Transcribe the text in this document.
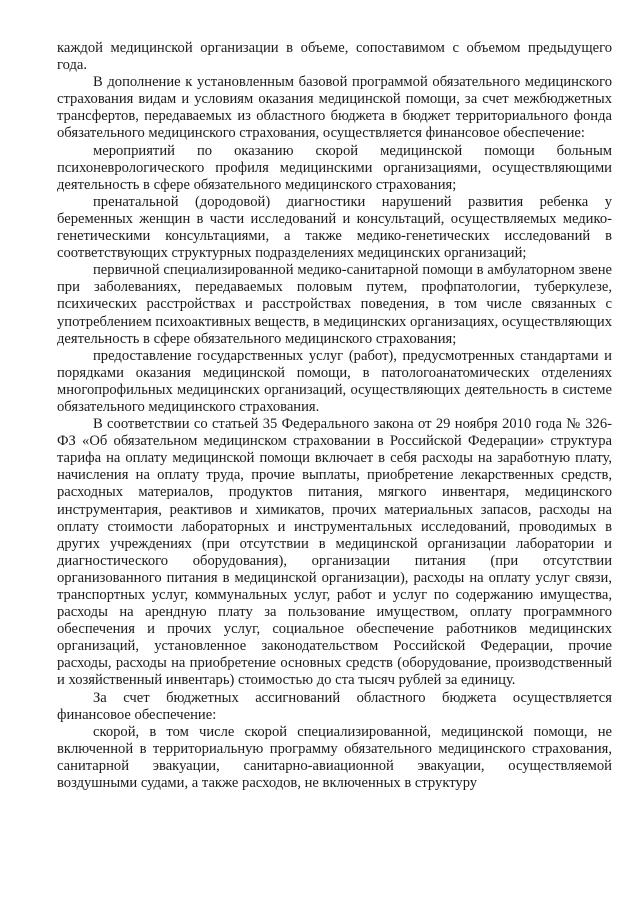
каждой медицинской организации в объеме, сопоставимом с объемом предыдущего года.

В дополнение к установленным базовой программой обязательного медицинского страхования видам и условиям оказания медицинской помощи, за счет межбюджетных трансфертов, передаваемых из областного бюджета в бюджет территориального фонда обязательного медицинского страхования, осуществляется финансовое обеспечение:

мероприятий по оказанию скорой медицинской помощи больным психоневрологического профиля медицинскими организациями, осуществляющими деятельность в сфере обязательного медицинского страхования;

пренатальной (дородовой) диагностики нарушений развития ребенка у беременных женщин в части исследований и консультаций, осуществляемых медико-генетическими консультациями, а также медико-генетических исследований в соответствующих структурных подразделениях медицинских организаций;

первичной специализированной медико-санитарной помощи в амбулаторном звене при заболеваниях, передаваемых половым путем, профпатологии, туберкулезе, психических расстройствах и расстройствах поведения, в том числе связанных с употреблением психоактивных веществ, в медицинских организациях, осуществляющих деятельность в сфере обязательного медицинского страхования;

предоставление государственных услуг (работ), предусмотренных стандартами и порядками оказания медицинской помощи, в патологоанатомических отделениях многопрофильных медицинских организаций, осуществляющих деятельность в системе обязательного медицинского страхования.

В соответствии со статьей 35 Федерального закона от 29 ноября 2010 года № 326-ФЗ «Об обязательном медицинском страховании в Российской Федерации» структура тарифа на оплату медицинской помощи включает в себя расходы на заработную плату, начисления на оплату труда, прочие выплаты, приобретение лекарственных средств, расходных материалов, продуктов питания, мягкого инвентаря, медицинского инструментария, реактивов и химикатов, прочих материальных запасов, расходы на оплату стоимости лабораторных и инструментальных исследований, проводимых в других учреждениях (при отсутствии в медицинской организации лаборатории и диагностического оборудования), организации питания (при отсутствии организованного питания в медицинской организации), расходы на оплату услуг связи, транспортных услуг, коммунальных услуг, работ и услуг по содержанию имущества, расходы на арендную плату за пользование имуществом, оплату программного обеспечения и прочих услуг, социальное обеспечение работников медицинских организаций, установленное законодательством Российской Федерации, прочие расходы, расходы на приобретение основных средств (оборудование, производственный и хозяйственный инвентарь) стоимостью до ста тысяч рублей за единицу.

За счет бюджетных ассигнований областного бюджета осуществляется финансовое обеспечение:

скорой, в том числе скорой специализированной, медицинской помощи, не включенной в территориальную программу обязательного медицинского страхования, санитарной эвакуации, санитарно-авиационной эвакуации, осуществляемой воздушными судами, а также расходов, не включенных в структуру
